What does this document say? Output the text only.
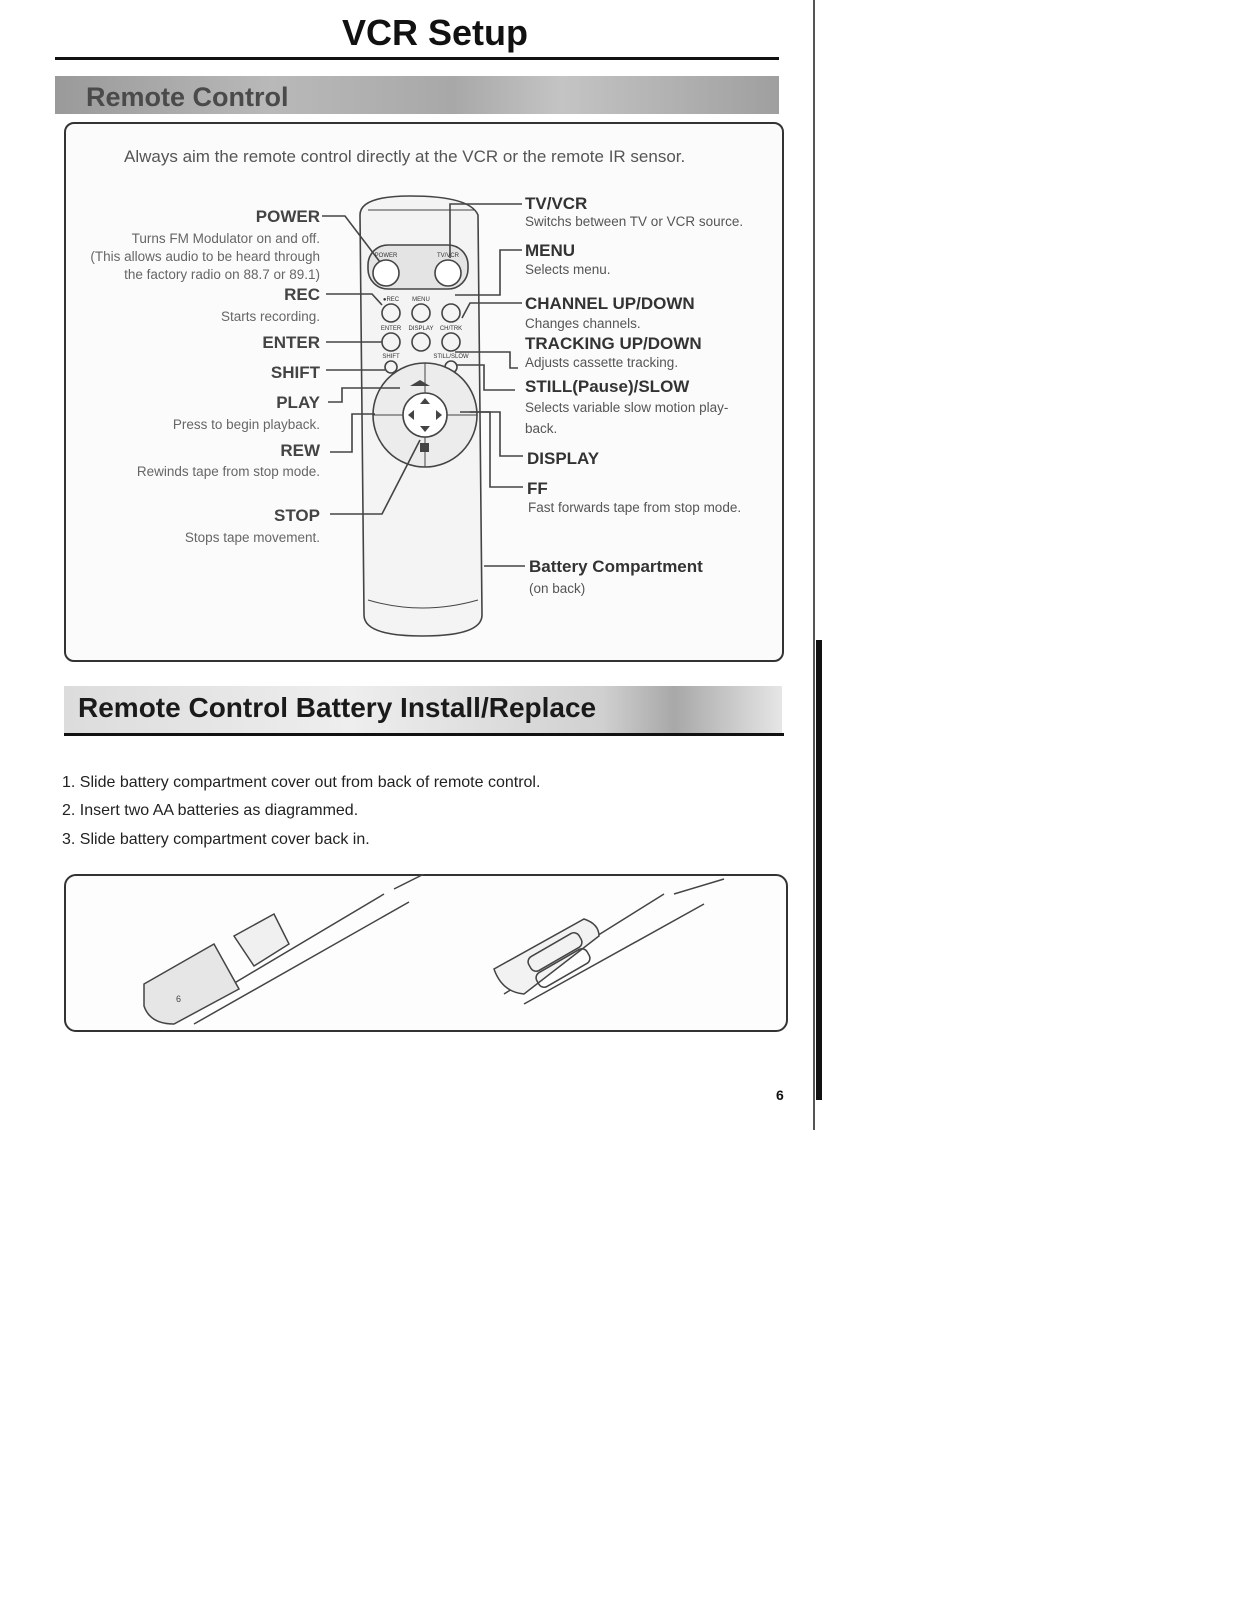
VCR Setup
Remote Control
Always aim the remote control directly at the VCR or the remote IR sensor.
POWER
Turns FM Modulator on and off.
(This allows audio to be heard through
the factory radio on 88.7 or 89.1)
REC
Starts recording.
ENTER
SHIFT
PLAY
Press to begin playback.
REW
Rewinds tape from stop mode.
STOP
Stops tape movement.
TV/VCR
Switchs between TV or VCR source.
MENU
Selects menu.
CHANNEL UP/DOWN
Changes channels.
TRACKING UP/DOWN
Adjusts cassette tracking.
STILL(Pause)/SLOW
Selects variable slow motion play-
back.
DISPLAY
FF
Fast forwards tape from stop mode.
Battery Compartment
(on back)
POWER	TV/VCR
●REC MENU
ENTER DISPLAY CH/TRK
SHIFT	STILL/SLOW
Remote Control Battery Install/Replace
1. Slide battery compartment cover out from back of remote control.
2. Insert two AA batteries as diagrammed.
3. Slide battery compartment cover back in.
6
6
